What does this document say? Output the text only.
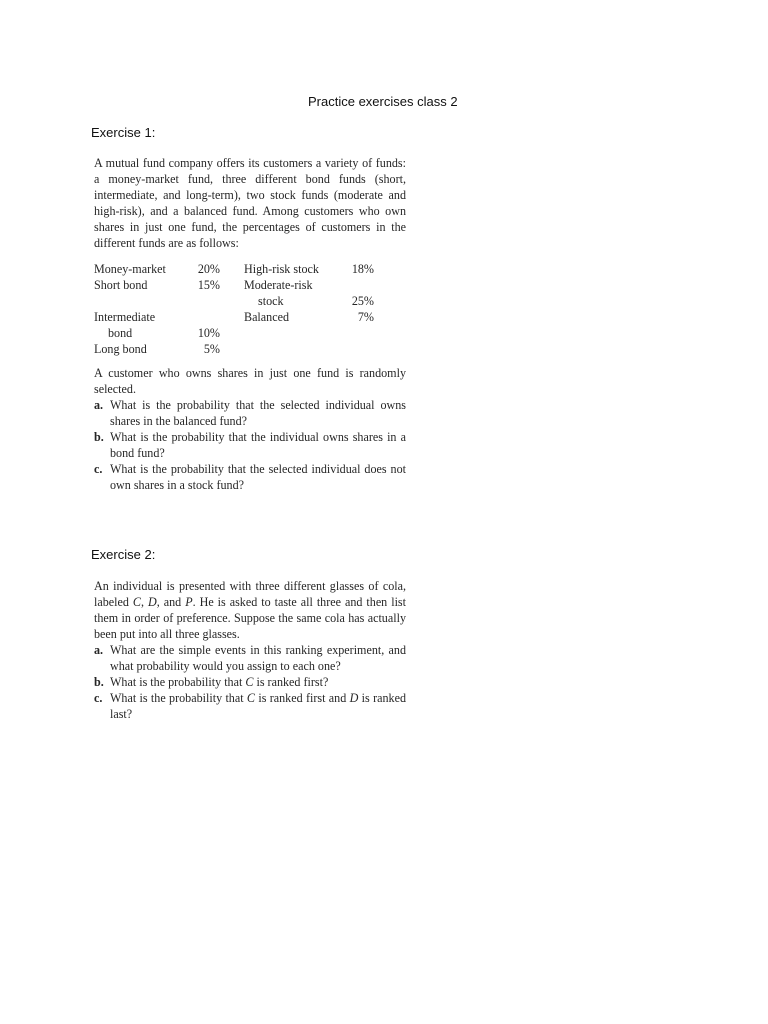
Practice exercises class 2
Exercise 1:

A mutual fund company offers its customers a variety of funds: a money-market fund, three different bond funds (short, intermediate, and long-term), two stock funds (moderate and high-risk), and a balanced fund. Among customers who own shares in just one fund, the percentages of customers in the different funds are as follows:

Money-market	20%
Short bond	15%
Intermediate
bond	10%
Long bond	5%
High-risk stock	18%
Moderate-risk
stock	25%
Balanced	7%

A customer who owns shares in just one fund is randomly selected.

a. What is the probability that the selected individual owns shares in the balanced fund?
b. What is the probability that the individual owns shares in a bond fund?
c. What is the probability that the selected individual does not own shares in a stock fund?
Exercise 2:

An individual is presented with three different glasses of cola, labeled C, D, and P. He is asked to taste all three and then list them in order of preference. Suppose the same cola has actually been put into all three glasses.

a. What are the simple events in this ranking experiment, and what probability would you assign to each one?
b. What is the probability that C is ranked first?
c. What is the probability that C is ranked first and D is ranked last?
